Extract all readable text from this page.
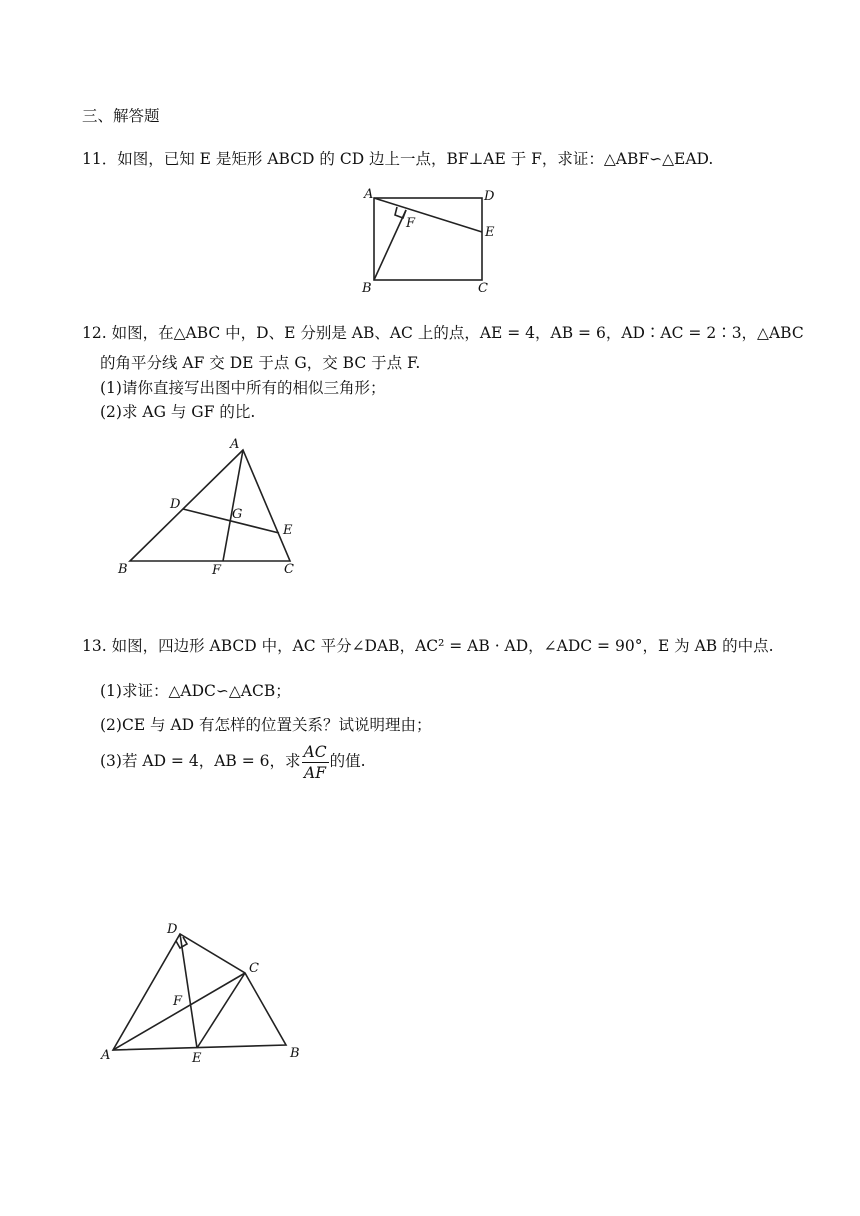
三、解答题
11．如图，已知 E 是矩形 ABCD 的 CD 边上一点，BF⊥AE 于 F，求证：△ABF∽△EAD.
A	D
F
E
B	C
12. 如图，在△ABC 中，D、E 分别是 AB、AC 上的点，AE = 4，AB = 6，AD∶AC = 2∶3，△ABC
的角平分线 AF 交 DE 于点 G，交 BC 于点 F.
(1)请你直接写出图中所有的相似三角形；
(2)求 AG 与 GF 的比.
A
D
G
E
B	F	C
13. 如图，四边形 ABCD 中，AC 平分∠DAB，AC² = AB · AD，∠ADC = 90°，E 为 AB 的中点.
(1)求证：△ADC∽△ACB；
(2)CE 与 AD 有怎样的位置关系？试说明理由；
(3)若 AD = 4，AB = 6，求 $\frac{AC}{AF}$ 的值.
D
C
F
A	E	B
